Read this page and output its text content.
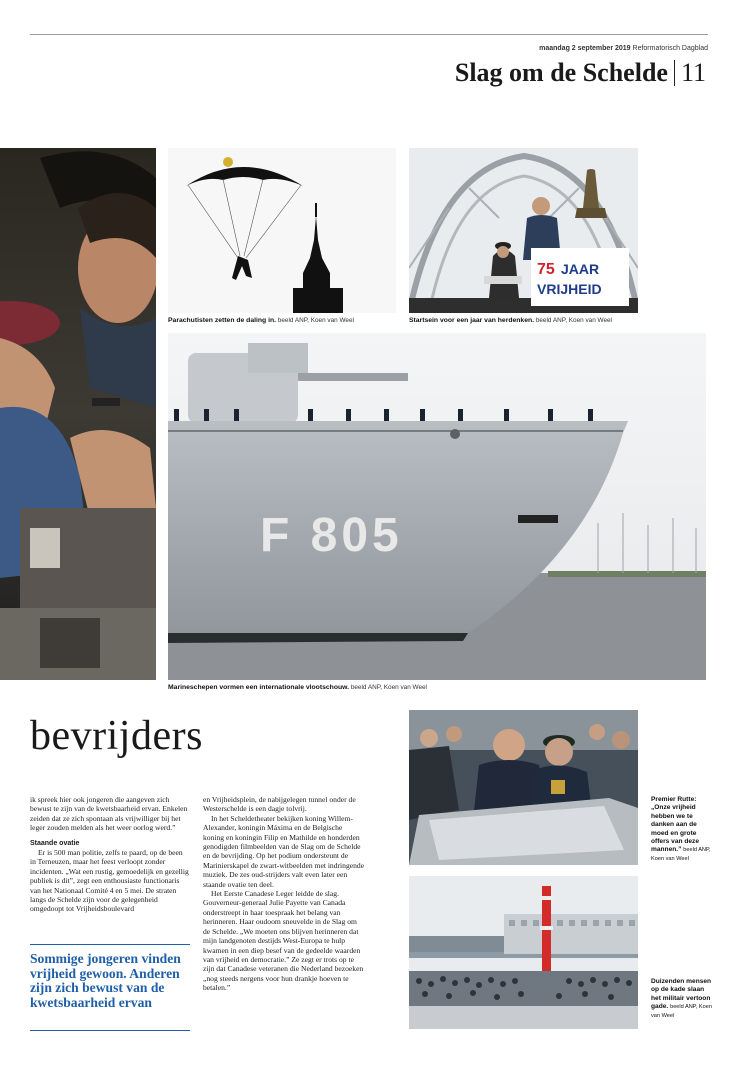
maandag 2 september 2019 Reformatorisch Dagblad
Slag om de Schelde 11
Parachutisten zetten de daling in. beeld ANP, Koen van Weel
75 JAAR
VRIJHEID
Startsein voor een jaar van herdenken. beeld ANP, Koen van Weel
F 805
Marineschepen vormen een internationale vlootschouw. beeld ANP, Koen van Weel
bevrijders

ik spreek hier ook jongeren die aangeven zich bewust te zijn van de kwetsbaarheid ervan. Enkelen zeiden dat ze zich spontaan als vrijwilliger bij het leger zouden melden als het weer oorlog werd.”

Staande ovatie

Er is 500 man politie, zelfs te paard, op de been in Terneuzen, maar het feest verloopt zonder incidenten. „Wat een rustig, gemoedelijk en gezellig publiek is dit”, zegt een enthousiaste functionaris van het Nationaal Comité 4 en 5 mei. De straten langs de Schelde zijn voor de gelegenheid omgedoopt tot Vrijheidsboulevard

Sommige jongeren vinden vrijheid gewoon. Anderen zijn zich bewust van de kwetsbaarheid ervan

en Vrijheidsplein, de nabijgelegen tunnel onder de Westerschelde is een dagje tolvrij.

In het Scheldetheater bekijken koning Willem-Alexander, koningin Máxima en de Belgische koning en koningin Filip en Mathilde en honderden genodigden filmbeelden van de Slag om de Schelde en de bevrijding. Op het podium ondersteunt de Marinierskapel de zwart-witbeelden met indringende muziek. De zes oud-strijders valt even later een staande ovatie ten deel.

Het Eerste Canadese Leger leidde de slag. Gouverneur-generaal Julie Payette van Canada onderstreept in haar toespraak het belang van herinneren. Haar oudoom sneuvelde in de Slag om de Schelde. „We moeten ons blijven herinneren dat mijn landgenoten destijds West-Europa te hulp kwamen in een diep besef van de gedeelde waarden van vrijheid en democratie.” Ze zegt er trots op te zijn dat Canadese veteranen die Nederland bezoeken „nog steeds nergens voor hun drankje hoeven te betalen.”

Premier Rutte: „Onze vrijheid hebben we te danken aan de moed en grote offers van deze mannen.” beeld ANP, Koen van Weel
Duizenden mensen op de kade slaan het militair vertoon gade. beeld ANP, Koen van Weel
